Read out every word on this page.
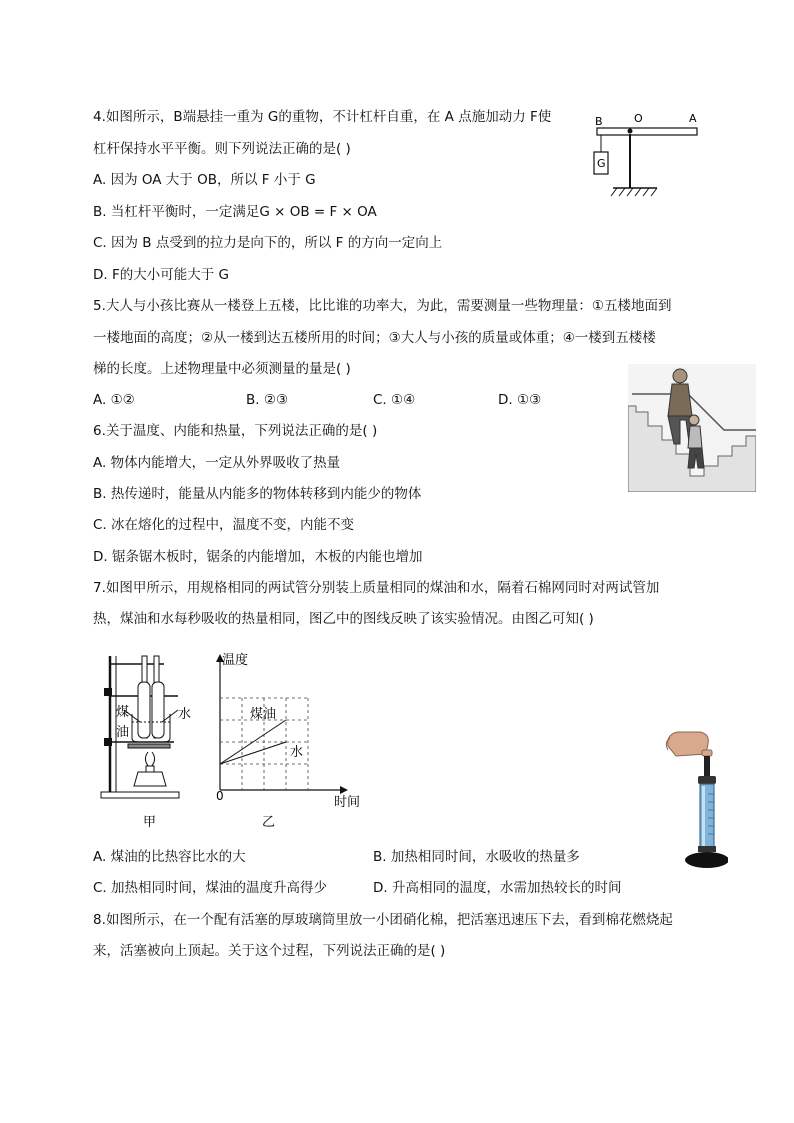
4.如图所示，B端悬挂一重为 G的重物，不计杠杆自重，在 A 点施加动力 F使
杠杆保持水平平衡。则下列说法正确的是( )
A. 因为 OA 大于 OB，所以 F 小于 G
B. 当杠杆平衡时，一定满足G × OB = F × OA
C. 因为 B 点受到的拉力是向下的，所以 F 的方向一定向上
D. F的大小可能大于 G
B	O	A
G
5.大人与小孩比赛从一楼登上五楼，比比谁的功率大，为此，需要测量一些物理量：①五楼地面到
一楼地面的高度；②从一楼到达五楼所用的时间；③大人与小孩的质量或体重；④一楼到五楼楼
梯的长度。上述物理量中必须测量的量是( )
A. ①②	B. ②③	C. ①④	D. ①③
6.关于温度、内能和热量，下列说法正确的是( )
A. 物体内能增大，一定从外界吸收了热量
B. 热传递时，能量从内能多的物体转移到内能少的物体
C. 冰在熔化的过程中，温度不变，内能不变
D. 锯条锯木板时，锯条的内能增加，木板的内能也增加
7.如图甲所示，用规格相同的两试管分别装上质量相同的煤油和水，隔着石棉网同时对两试管加
热，煤油和水每秒吸收的热量相同，图乙中的图线反映了该实验情况。由图乙可知( )
煤
油
水
甲
温度
时间
0
煤油
水
乙
A. 煤油的比热容比水的大	B. 加热相同时间，水吸收的热量多
C. 加热相同时间，煤油的温度升高得少	D. 升高相同的温度，水需加热较长的时间
8.如图所示，在一个配有活塞的厚玻璃筒里放一小团硝化棉，把活塞迅速压下去，看到棉花燃烧起
来，活塞被向上顶起。关于这个过程，下列说法正确的是( )
